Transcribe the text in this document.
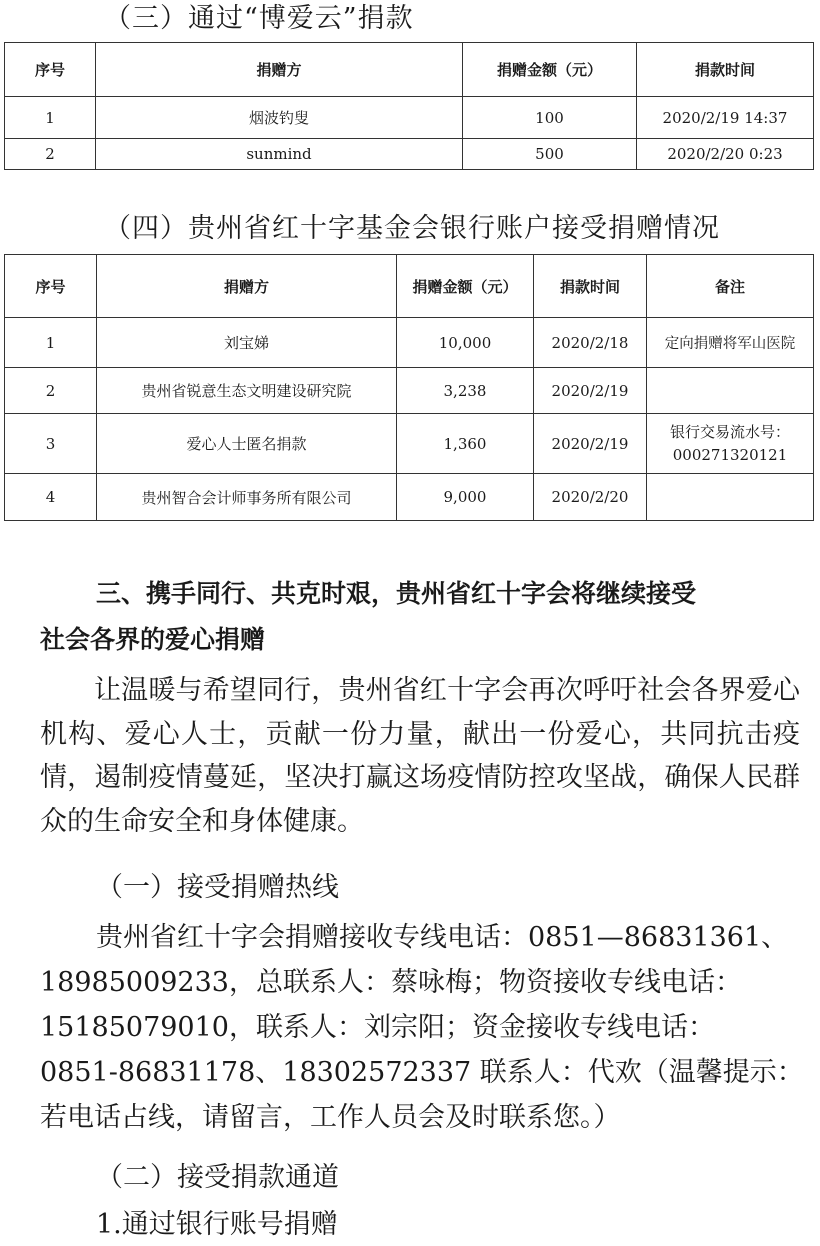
（三）通过“博爱云”捐款
序号	捐赠方	捐赠金额（元）	捐款时间
1	烟波钓叟	100	2020/2/19 14:37
2	sunmind	500	2020/2/20 0:23
（四）贵州省红十字基金会银行账户接受捐赠情况
序号	捐赠方	捐赠金额（元）	捐款时间	备注
1	刘宝娣	10,000	2020/2/18	定向捐赠将军山医院
2	贵州省锐意生态文明建设研究院	3,238	2020/2/19	
3	爱心人士匿名捐款	1,360	2020/2/19	银行交易流水号：000271320121
4	贵州智合会计师事务所有限公司	9,000	2020/2/20	
三、携手同行、共克时艰，贵州省红十字会将继续接受
社会各界的爱心捐赠
让温暖与希望同行，贵州省红十字会再次呼吁社会各界爱心机构、爱心人士，贡献一份力量，献出一份爱心，共同抗击疫情，遏制疫情蔓延，坚决打赢这场疫情防控攻坚战，确保人民群众的生命安全和身体健康。
（一）接受捐赠热线
贵州省红十字会捐赠接收专线电话：0851—86831361、
18985009233，总联系人：蔡咏梅；物资接收专线电话：
15185079010，联系人：刘宗阳；资金接收专线电话：
0851-86831178、18302572337 联系人：代欢（温馨提示：
若电话占线，请留言，工作人员会及时联系您。）
（二）接受捐款通道
1.通过银行账号捐赠
